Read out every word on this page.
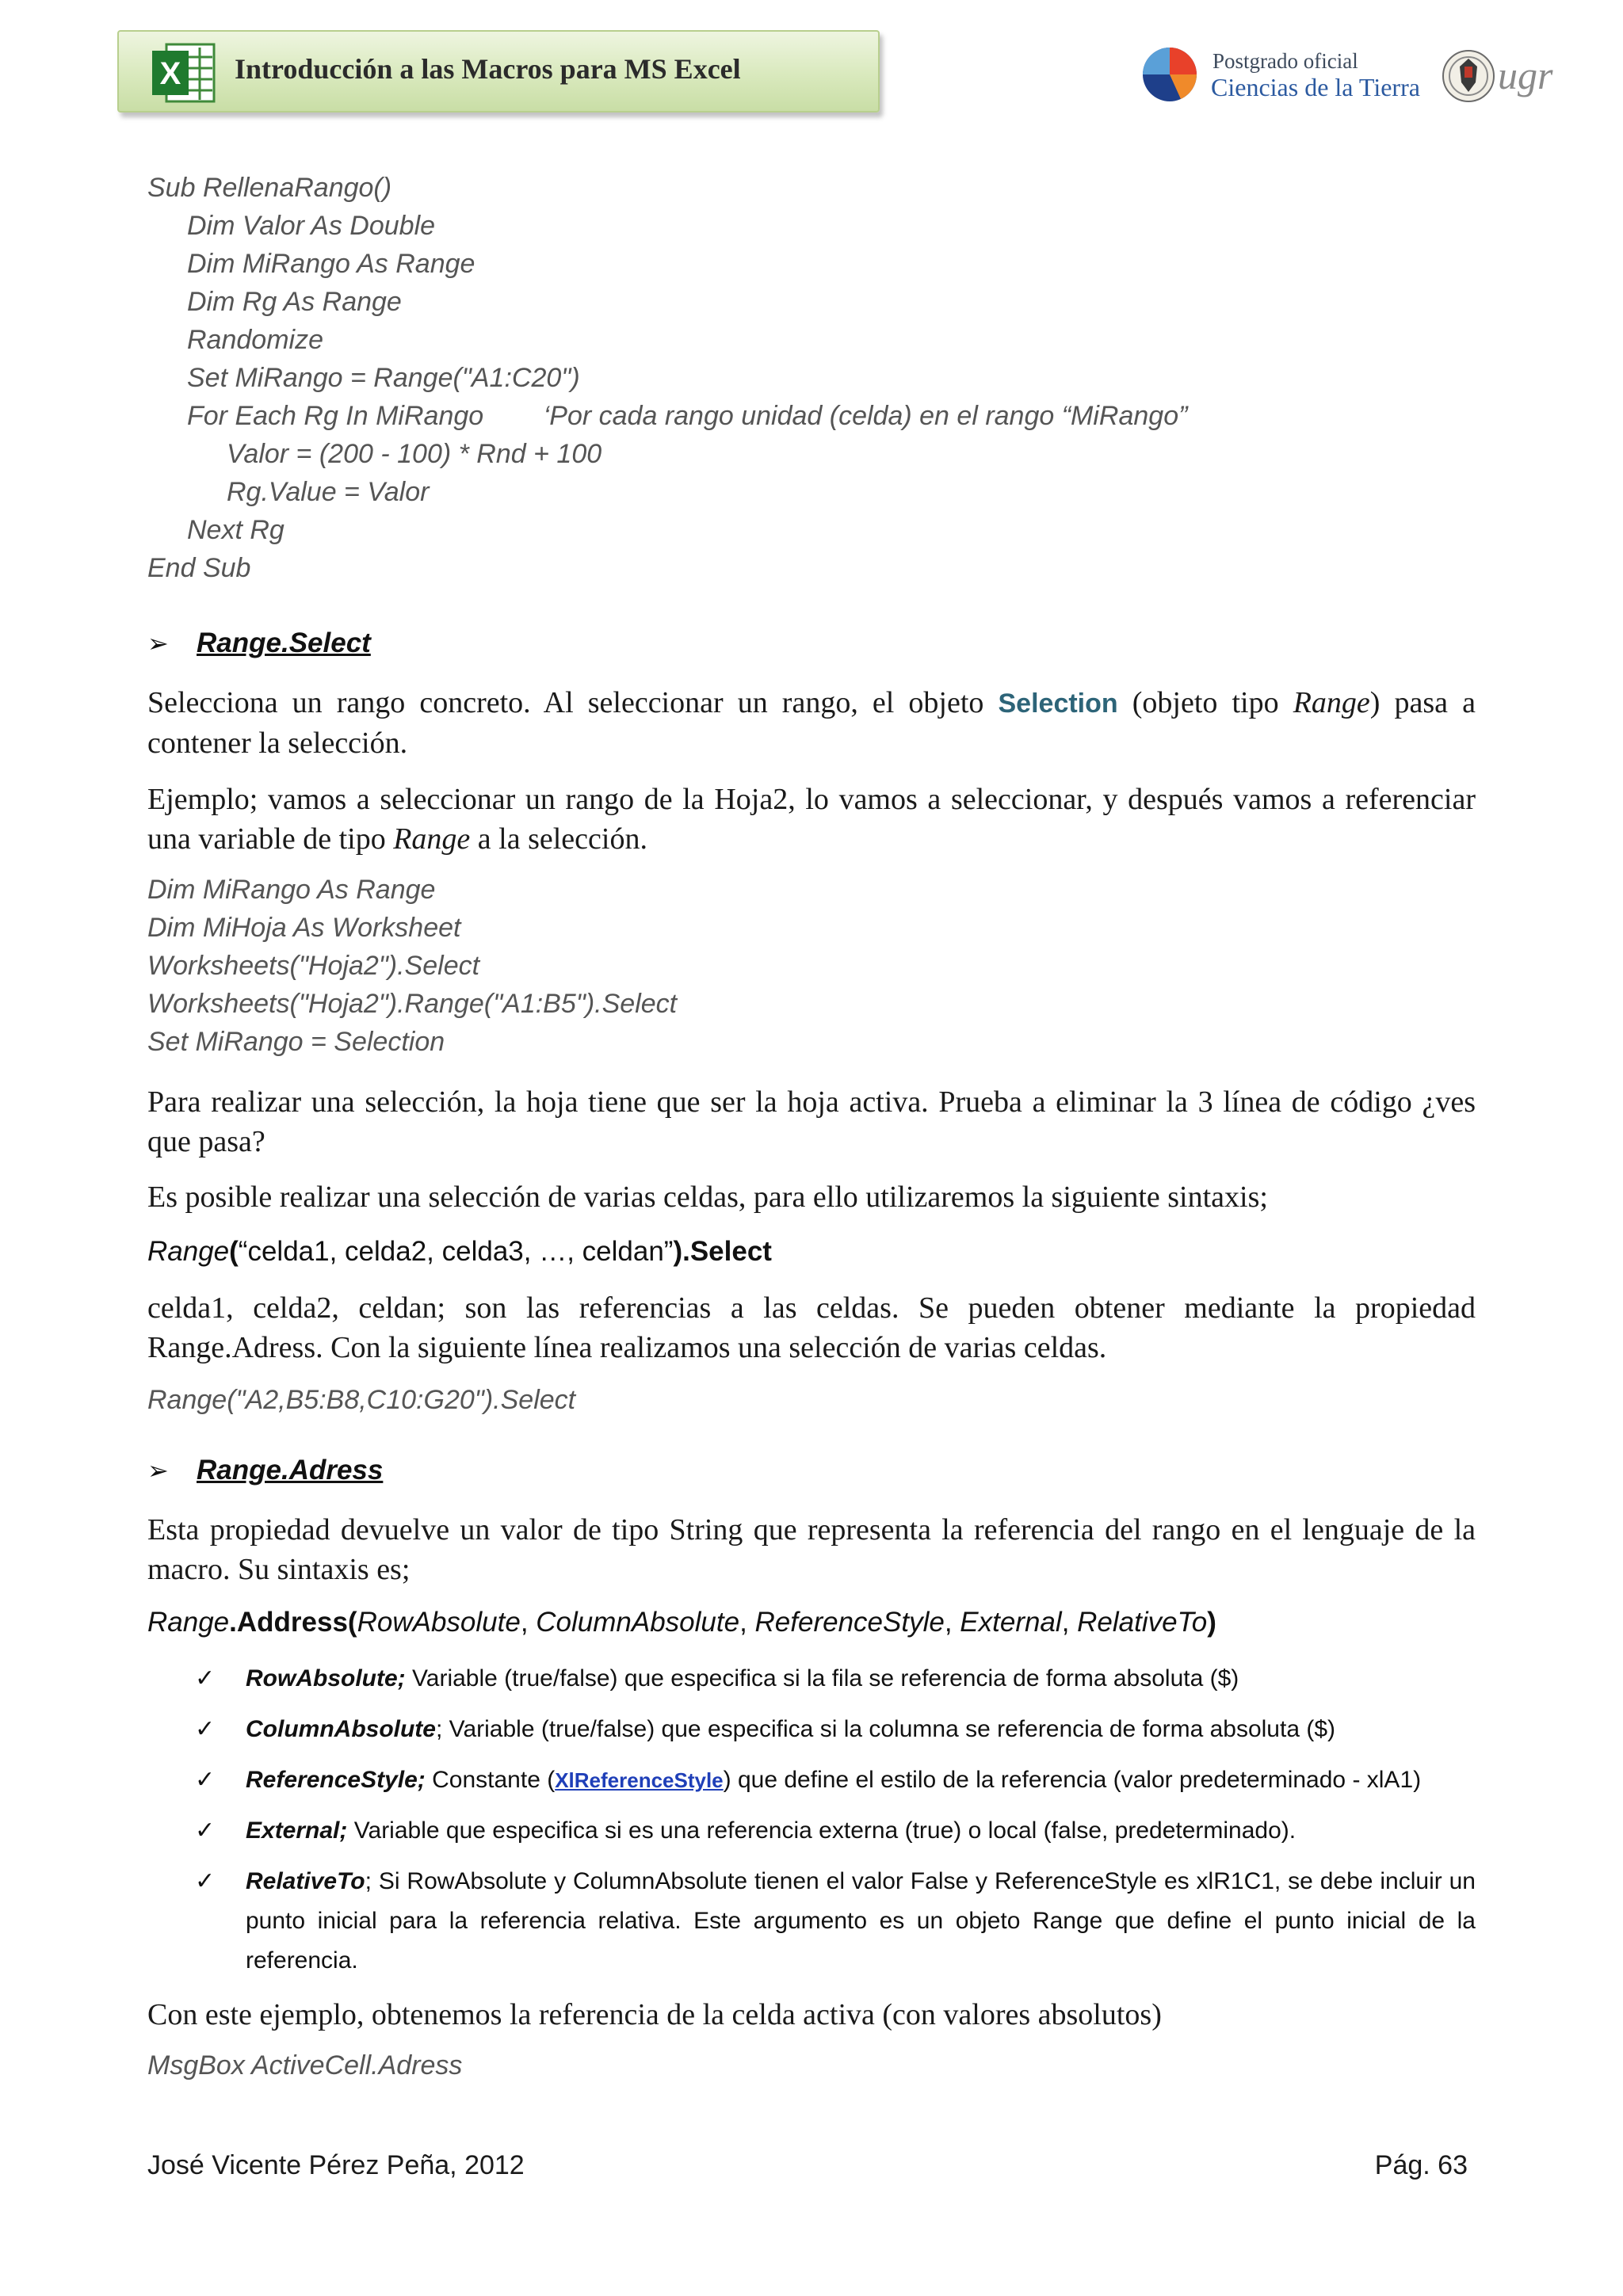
X Introducción a las Macros para MS Excel	Postgrado oficial
Ciencias de la Tierra ugr
Sub RellenaRango()
Dim Valor As Double
Dim MiRango As Range
Dim Rg As Range
Randomize
Set MiRango = Range("A1:C20")
For Each Rg In MiRango        ‘Por cada rango unidad (celda) en el rango “MiRango”
Valor = (200 - 100) * Rnd + 100
Rg.Value = Valor
Next Rg
End Sub
➢	Range.Select
Selecciona un rango concreto. Al seleccionar un rango, el objeto Selection (objeto tipo Range) pasa a contener la selección.
Ejemplo; vamos a seleccionar un rango de la Hoja2, lo vamos a seleccionar, y después vamos a referenciar una variable de tipo Range a la selección.
Dim MiRango As Range
Dim MiHoja As Worksheet
Worksheets("Hoja2").Select
Worksheets("Hoja2").Range("A1:B5").Select
Set MiRango = Selection
Para realizar una selección, la hoja tiene que ser la hoja activa. Prueba a eliminar la 3 línea de código ¿ves que pasa?
Es posible realizar una selección de varias celdas, para ello utilizaremos la siguiente sintaxis;
Range(“celda1, celda2, celda3, …, celdan”).Select
celda1, celda2, celdan; son las referencias a las celdas. Se pueden obtener mediante la propiedad Range.Adress. Con la siguiente línea realizamos una selección de varias celdas.
Range("A2,B5:B8,C10:G20").Select
➢	Range.Adress
Esta propiedad devuelve un valor de tipo String que representa la referencia del rango en el lenguaje de la macro. Su sintaxis es;
Range.Address(RowAbsolute, ColumnAbsolute, ReferenceStyle, External, RelativeTo)
✓	RowAbsolute; Variable (true/false) que especifica si la fila se referencia de forma absoluta ($)
✓	ColumnAbsolute; Variable (true/false) que especifica si la columna se referencia de forma absoluta ($)
✓	ReferenceStyle; Constante (XlReferenceStyle) que define el estilo de la referencia (valor predeterminado - xlA1)
✓	External; Variable que especifica si es una referencia externa (true) o local (false, predeterminado).
✓	RelativeTo; Si RowAbsolute y ColumnAbsolute tienen el valor False y ReferenceStyle es xlR1C1, se debe incluir un punto inicial para la referencia relativa. Este argumento es un objeto Range que define el punto inicial de la referencia.
Con este ejemplo, obtenemos la referencia de la celda activa (con valores absolutos)
MsgBox ActiveCell.Adress
José Vicente Pérez Peña, 2012	Pág. 63
